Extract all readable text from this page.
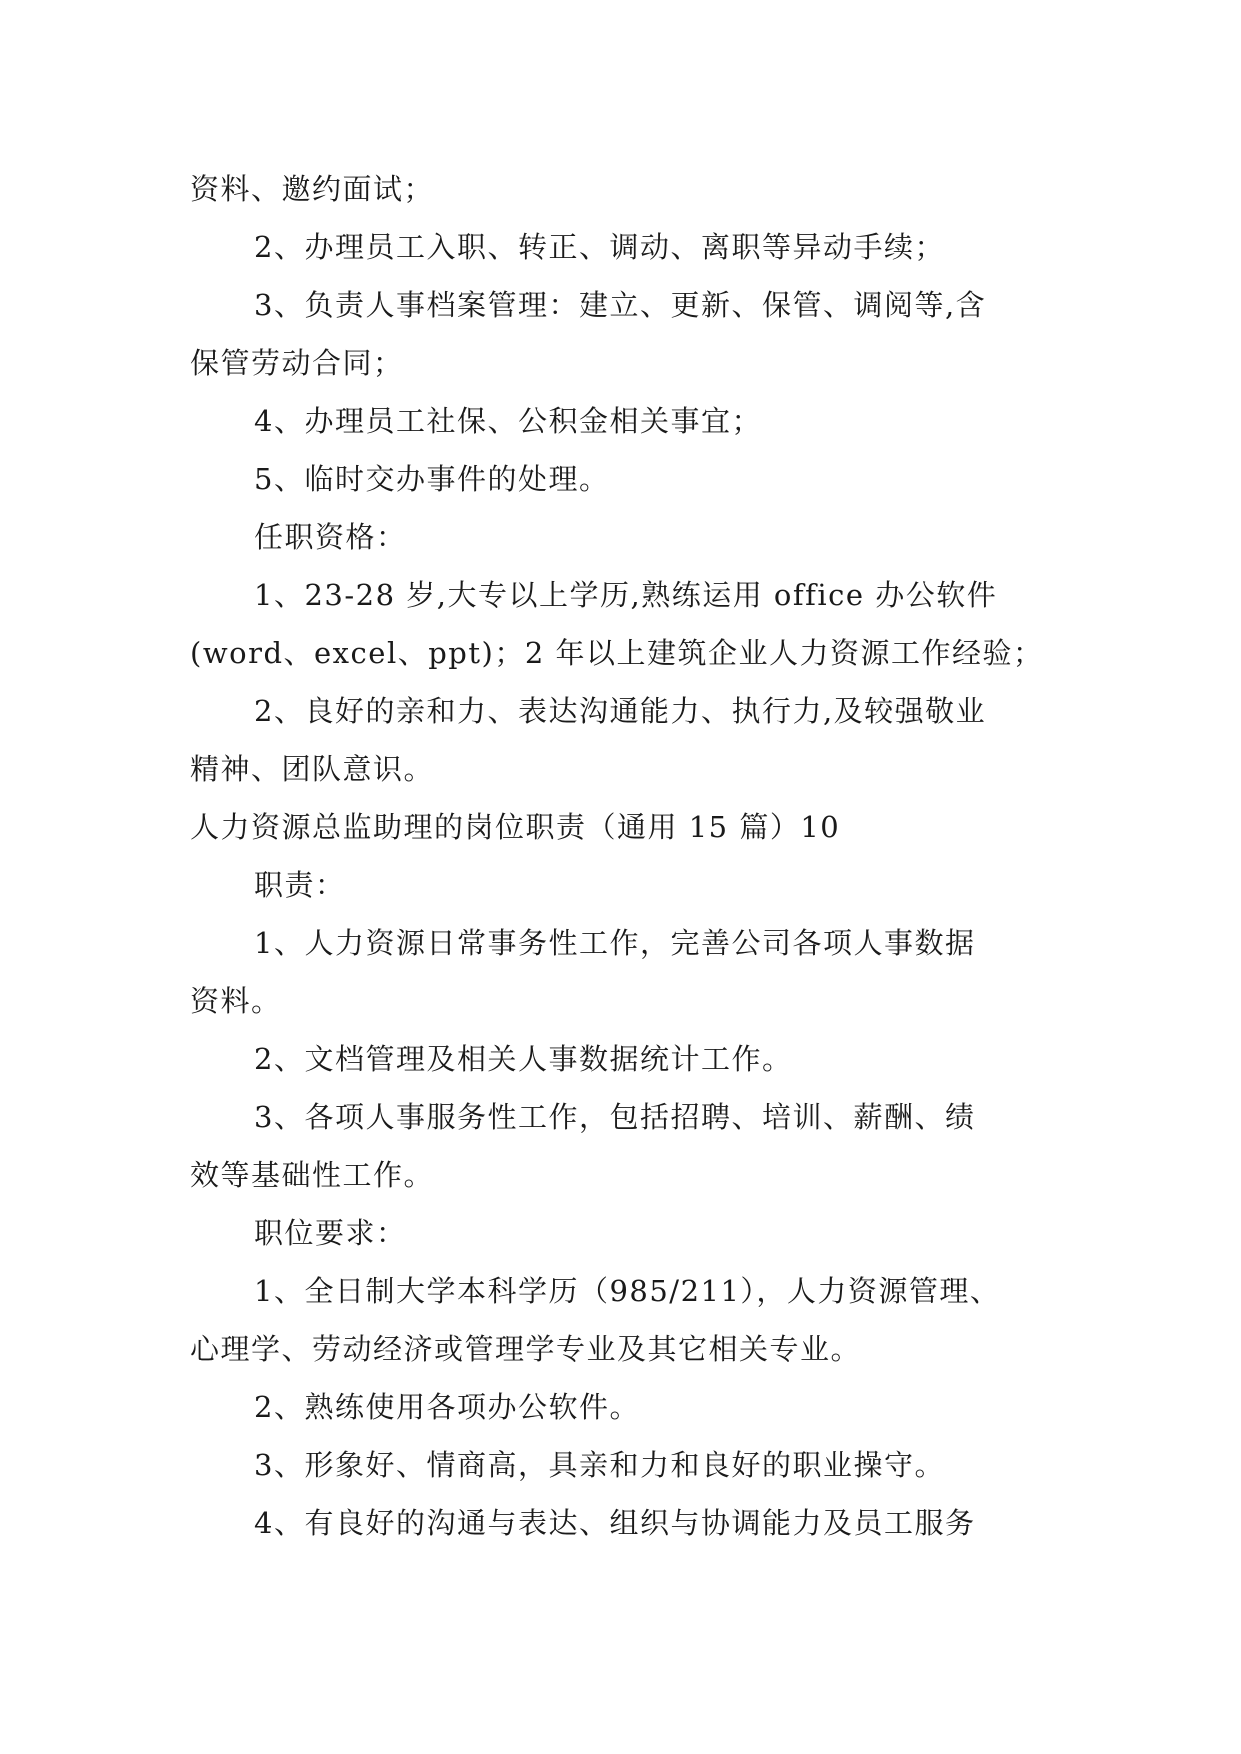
资料、邀约面试；
2、办理员工入职、转正、调动、离职等异动手续；
3、负责人事档案管理：建立、更新、保管、调阅等,含
保管劳动合同；
4、办理员工社保、公积金相关事宜；
5、临时交办事件的处理。
任职资格：
1、23-28 岁,大专以上学历,熟练运用 office 办公软件
(word、excel、ppt)；2 年以上建筑企业人力资源工作经验；
2、良好的亲和力、表达沟通能力、执行力,及较强敬业
精神、团队意识。
人力资源总监助理的岗位职责（通用 15 篇）10
职责：
1、人力资源日常事务性工作，完善公司各项人事数据
资料。
2、文档管理及相关人事数据统计工作。
3、各项人事服务性工作，包括招聘、培训、薪酬、绩
效等基础性工作。
职位要求：
1、全日制大学本科学历（985/211），人力资源管理、
心理学、劳动经济或管理学专业及其它相关专业。
2、熟练使用各项办公软件。
3、形象好、情商高，具亲和力和良好的职业操守。
4、有良好的沟通与表达、组织与协调能力及员工服务
